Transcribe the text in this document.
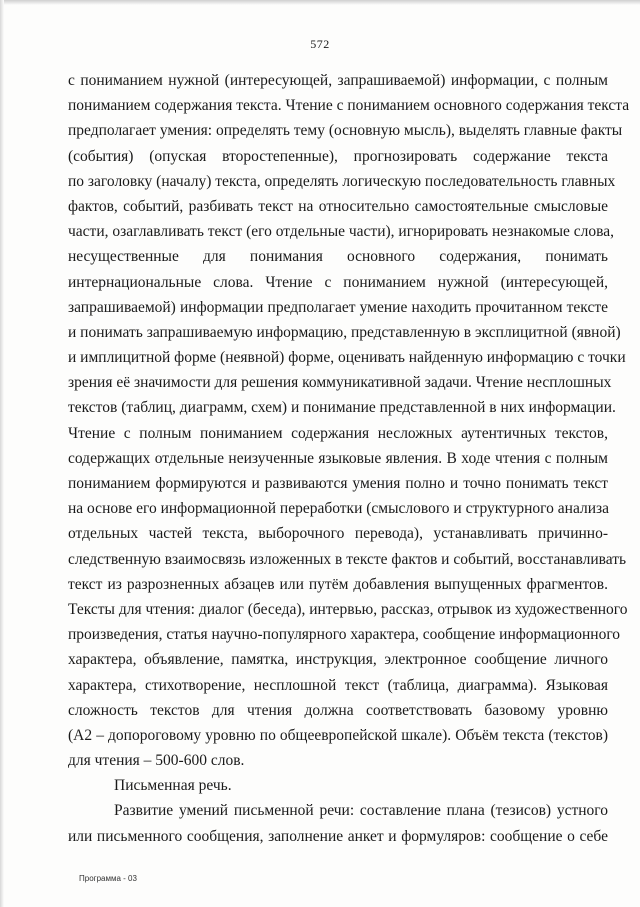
572
с пониманием нужной (интересующей, запрашиваемой) информации, с полным
пониманием содержания текста. Чтение с пониманием основного содержания текста
предполагает умения: определять тему (основную мысль), выделять главные факты
(события) (опуская второстепенные), прогнозировать содержание текста
по заголовку (началу) текста, определять логическую последовательность главных
фактов, событий, разбивать текст на относительно самостоятельные смысловые
части, озаглавливать текст (его отдельные части), игнорировать незнакомые слова,
несущественные для понимания основного содержания, понимать
интернациональные слова. Чтение с пониманием нужной (интересующей,
запрашиваемой) информации предполагает умение находить прочитанном тексте
и понимать запрашиваемую информацию, представленную в эксплицитной (явной)
и имплицитной форме (неявной) форме, оценивать найденную информацию с точки
зрения её значимости для решения коммуникативной задачи. Чтение несплошных
текстов (таблиц, диаграмм, схем) и понимание представленной в них информации.
Чтение с полным пониманием содержания несложных аутентичных текстов,
содержащих отдельные неизученные языковые явления. В ходе чтения с полным
пониманием формируются и развиваются умения полно и точно понимать текст
на основе его информационной переработки (смыслового и структурного анализа
отдельных частей текста, выборочного перевода), устанавливать причинно-
следственную взаимосвязь изложенных в тексте фактов и событий, восстанавливать
текст из разрозненных абзацев или путём добавления выпущенных фрагментов.
Тексты для чтения: диалог (беседа), интервью, рассказ, отрывок из художественного
произведения, статья научно-популярного характера, сообщение информационного
характера, объявление, памятка, инструкция, электронное сообщение личного
характера, стихотворение, несплошной текст (таблица, диаграмма). Языковая
сложность текстов для чтения должна соответствовать базовому уровню
(А2 – допороговому уровню по общеевропейской шкале). Объём текста (текстов)
для чтения – 500-600 слов.
Письменная речь.
Развитие умений письменной речи: составление плана (тезисов) устного
или письменного сообщения, заполнение анкет и формуляров: сообщение о себе
Программа - 03
